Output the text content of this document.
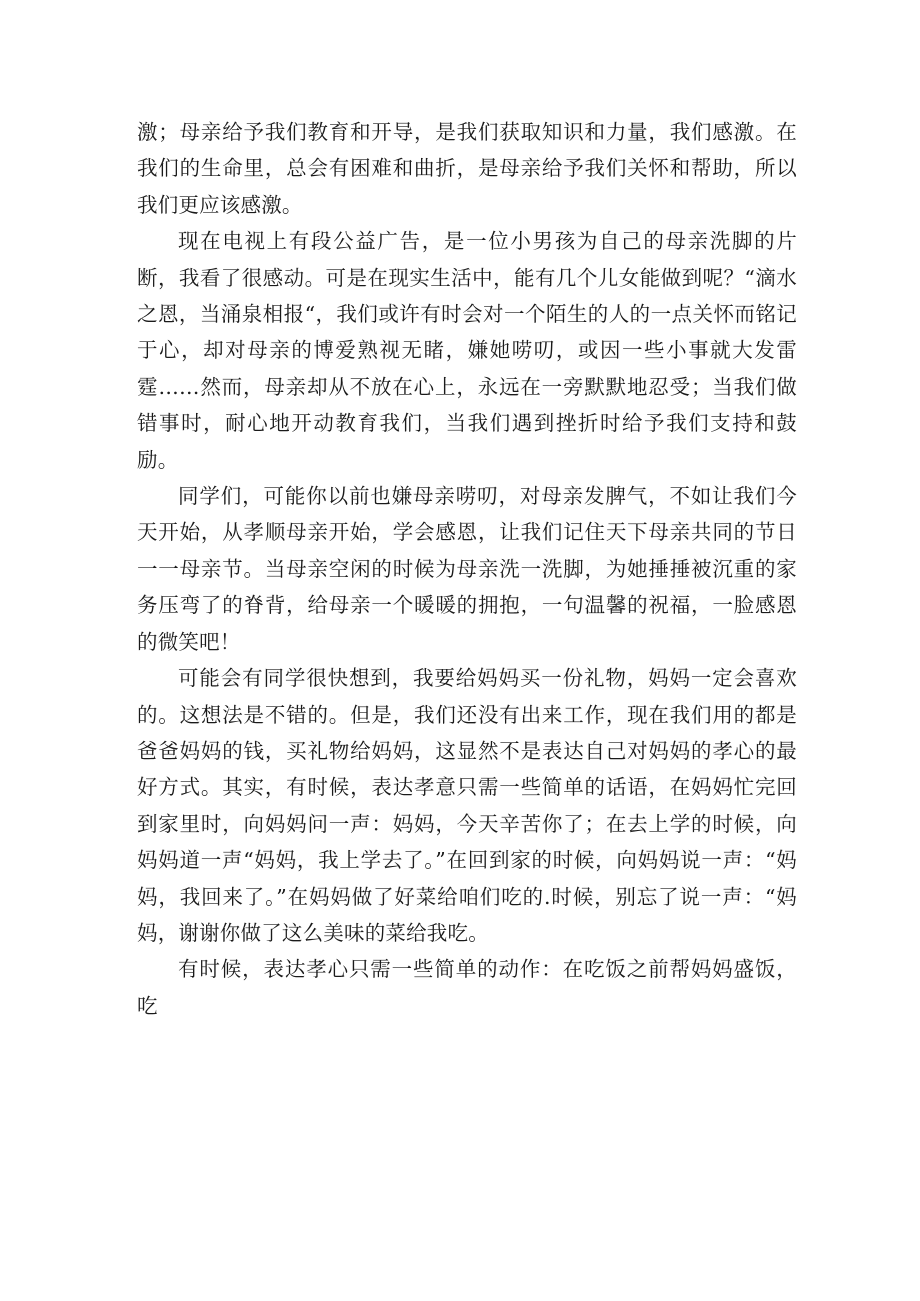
激；母亲给予我们教育和开导，是我们获取知识和力量，我们感激。在我们的生命里，总会有困难和曲折，是母亲给予我们关怀和帮助，所以我们更应该感激。

现在电视上有段公益广告，是一位小男孩为自己的母亲洗脚的片断，我看了很感动。可是在现实生活中，能有几个儿女能做到呢？“滴水之恩，当涌泉相报“，我们或许有时会对一个陌生的人的一点关怀而铭记于心，却对母亲的博爱熟视无睹，嫌她唠叨，或因一些小事就大发雷霆……然而，母亲却从不放在心上，永远在一旁默默地忍受；当我们做错事时，耐心地开动教育我们，当我们遇到挫折时给予我们支持和鼓励。

同学们，可能你以前也嫌母亲唠叨，对母亲发脾气，不如让我们今天开始，从孝顺母亲开始，学会感恩，让我们记住天下母亲共同的节日一一母亲节。当母亲空闲的时候为母亲洗一洗脚，为她捶捶被沉重的家务压弯了的脊背，给母亲一个暖暖的拥抱，一句温馨的祝福，一脸感恩的微笑吧！

可能会有同学很快想到，我要给妈妈买一份礼物，妈妈一定会喜欢的。这想法是不错的。但是，我们还没有出来工作，现在我们用的都是爸爸妈妈的钱，买礼物给妈妈，这显然不是表达自己对妈妈的孝心的最好方式。其实，有时候，表达孝意只需一些简单的话语，在妈妈忙完回到家里时，向妈妈问一声：妈妈，今天辛苦你了；在去上学的时候，向妈妈道一声“妈妈，我上学去了。”在回到家的时候，向妈妈说一声：“妈妈，我回来了。”在妈妈做了好菜给咱们吃的.时候，别忘了说一声：“妈妈，谢谢你做了这么美味的菜给我吃。

有时候，表达孝心只需一些简单的动作：在吃饭之前帮妈妈盛饭，吃
